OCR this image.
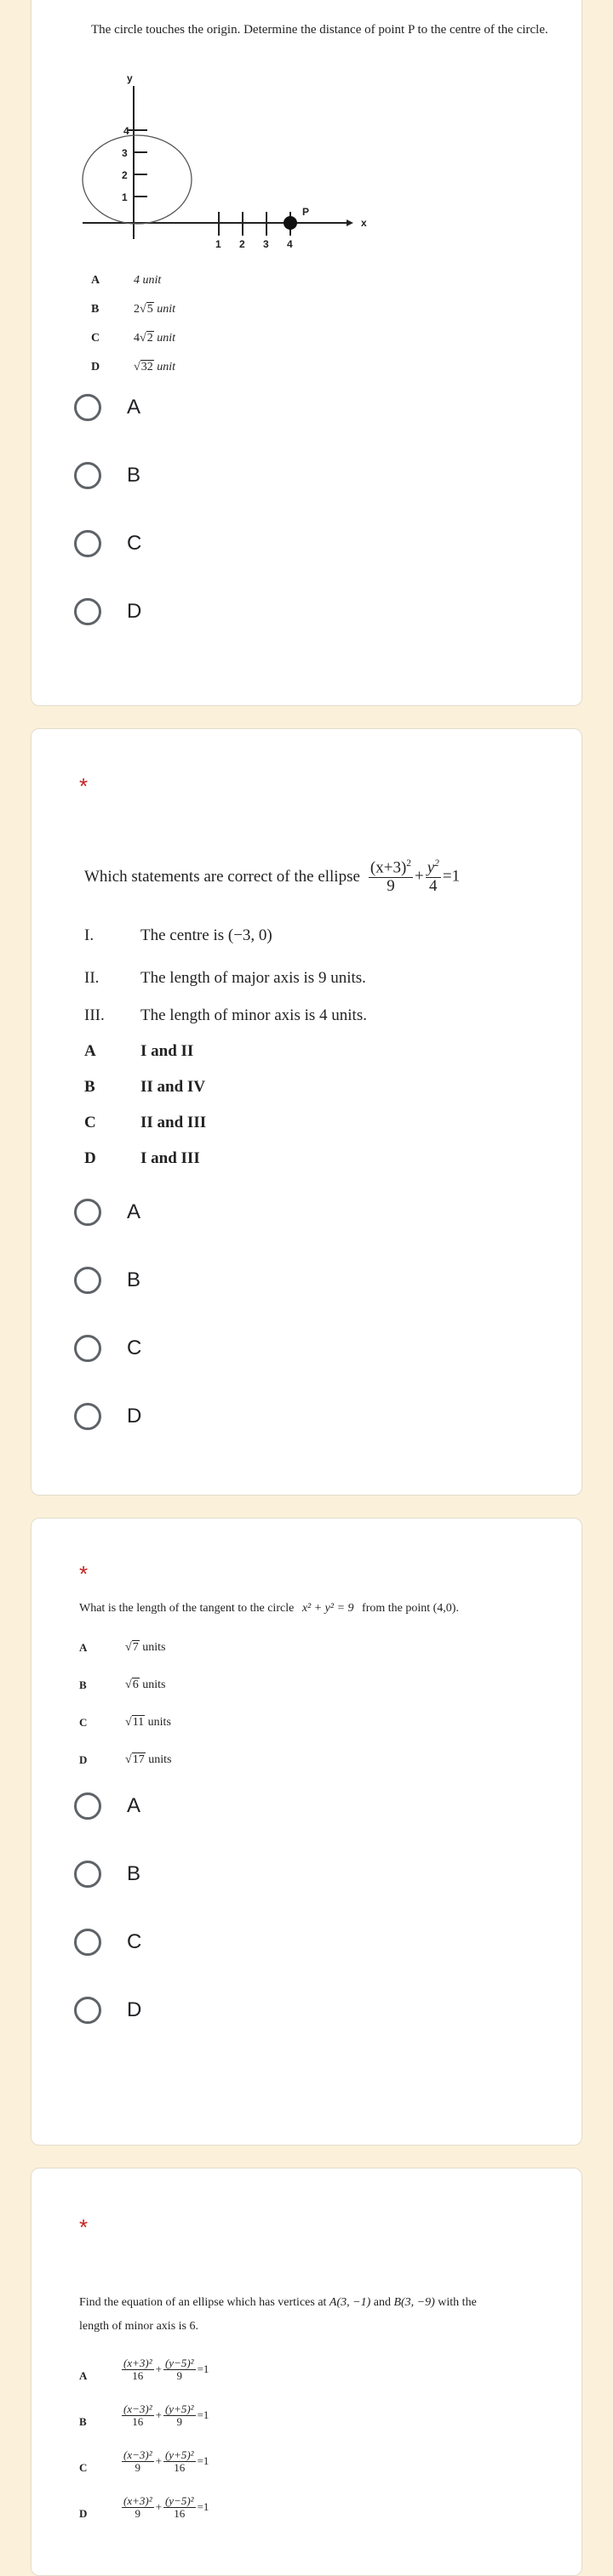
The circle touches the origin. Determine the distance of point P to the centre of the circle.
y
x
4
3
2
1
1 2 3 4
P
A	4 unit
B	2√5 unit
C	4√2 unit
D	√32 unit
A
B
C
D
*
Which statements are correct of the ellipse $\frac{(x+3)^2}{9} + \frac{y^2}{4} =1$
I.	The centre is (−3, 0)
II.	The length of major axis is 9 units.
III. The length of minor axis is 4 units.
A	I and II
B	II and IV
C	II and III
D	I and III
A
B
C
D
*
What is the length of the tangent to the circle x² + y² = 9 from the point (4,0).
A	√7 units
B	√6 units
C	√11 units
D	√17 units
A
B
C
D
*
Find the equation of an ellipse which has vertices at A(3, −1) and B(3, −9) with the
length of minor axis is 6.
A	$\frac{\text{(x+3)²}}{16} + \frac{\text{(y−5)²}}{9} =1$
B	$\frac{\text{(x−3)²}}{16} + \frac{\text{(y+5)²}}{9} =1$
C	$\frac{\text{(x−3)²}}{9} + \frac{\text{(y+5)²}}{16} =1$
D	$\frac{\text{(x+3)²}}{9} + \frac{\text{(y−5)²}}{16} =1$
